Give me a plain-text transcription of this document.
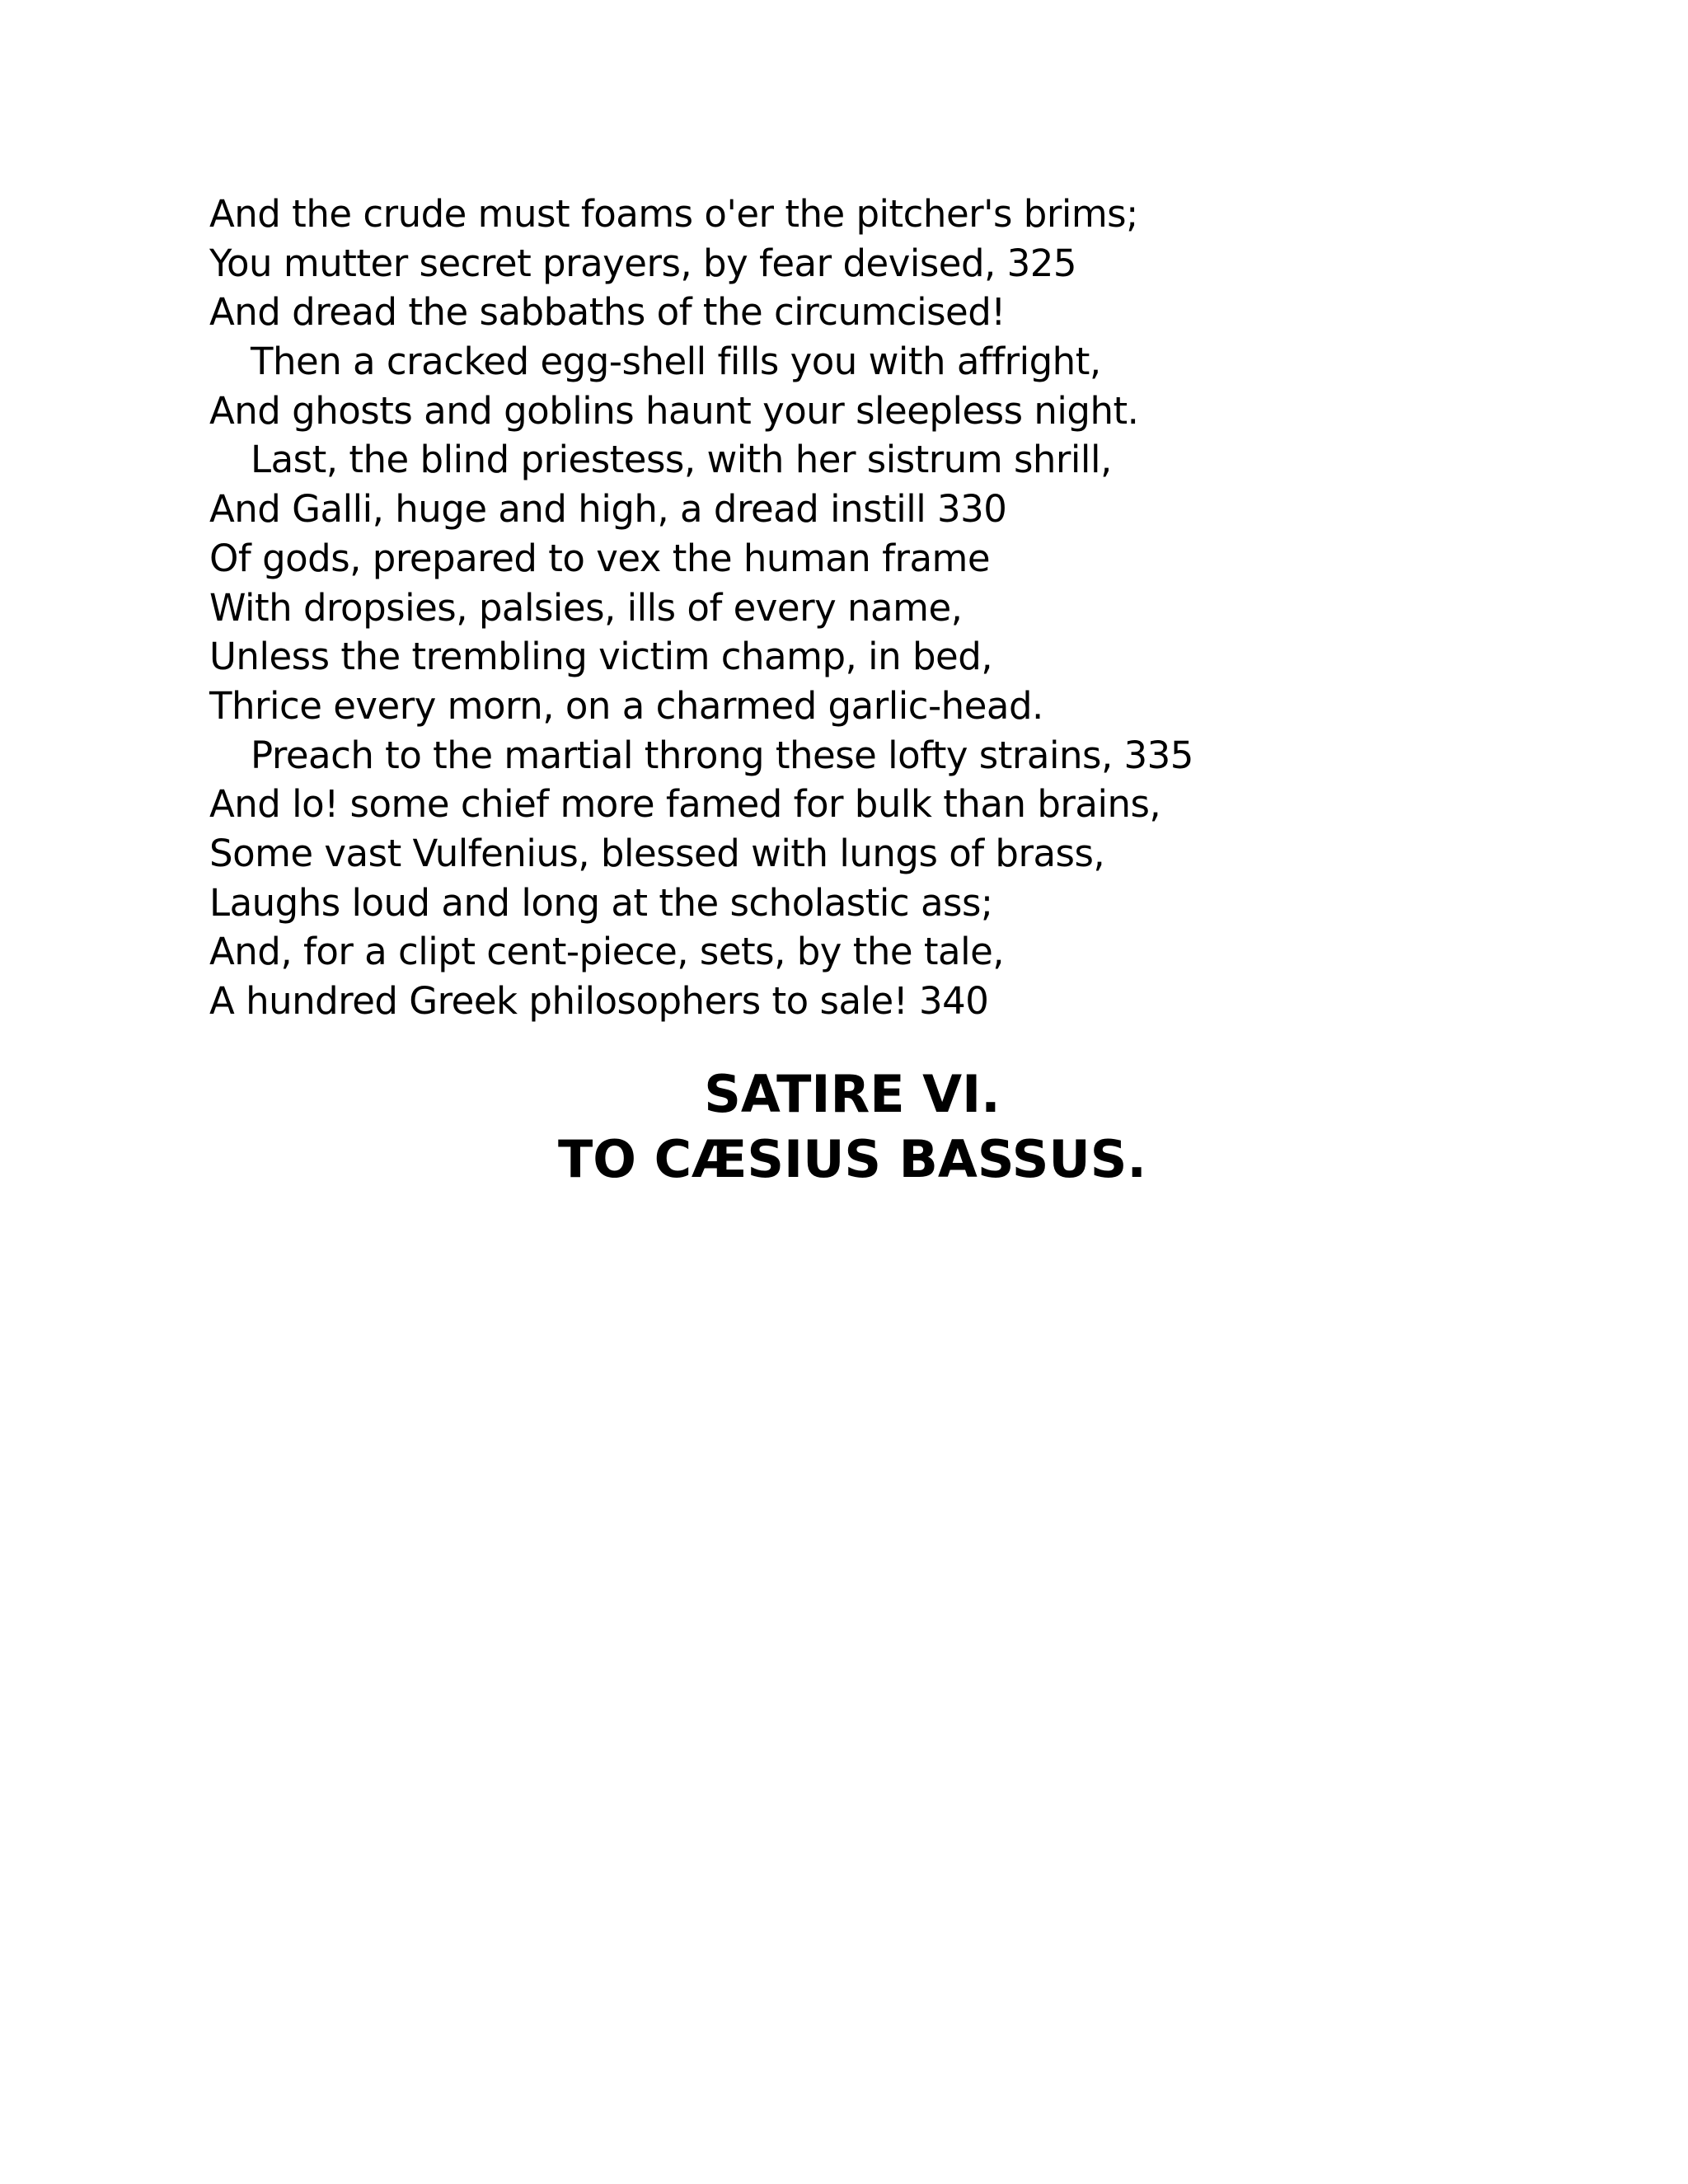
And the crude must foams o'er the pitcher's brims;
You mutter secret prayers, by fear devised, 325
And dread the sabbaths of the circumcised!
Then a cracked egg-shell fills you with affright,
And ghosts and goblins haunt your sleepless night.
Last, the blind priestess, with her sistrum shrill,
And Galli, huge and high, a dread instill 330
Of gods, prepared to vex the human frame
With dropsies, palsies, ills of every name,
Unless the trembling victim champ, in bed,
Thrice every morn, on a charmed garlic-head.
Preach to the martial throng these lofty strains, 335
And lo! some chief more famed for bulk than brains,
Some vast Vulfenius, blessed with lungs of brass,
Laughs loud and long at the scholastic ass;
And, for a clipt cent-piece, sets, by the tale,
A hundred Greek philosophers to sale! 340
SATIRE VI.
TO CÆSIUS BASSUS.
